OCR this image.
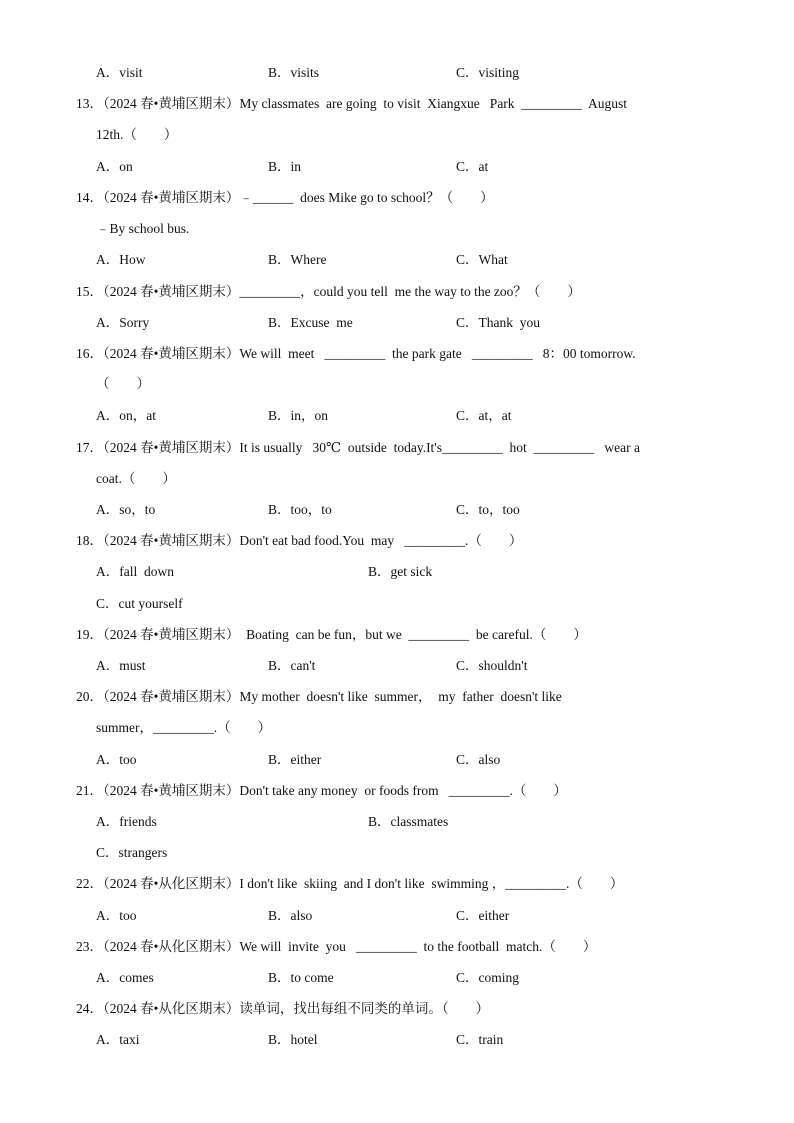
A．visit	B．visits	C．visiting
13．（2024 春•黄埔区期末）My classmates  are going  to visit  Xiangxue   Park  _________  August
12th.（        ）
A．on	B．in	C．at
14．（2024 春•黄埔区期末）﹣______  does Mike go to school？（        ）
﹣By school bus.
A．How	B．Where	C．What
15．（2024 春•黄埔区期末）_________，could you tell  me the way to the zoo？（        ）
A．Sorry	B．Excuse  me	C．Thank  you
16．（2024 春•黄埔区期末）We will  meet   _________  the park gate   _________   8：00 tomorrow.
（        ）
A．on，at	B．in，on	C．at，at
17．（2024 春•黄埔区期末）It is usually   30℃  outside  today.It's_________  hot  _________   wear a
coat.（        ）
A．so，to	B．too，to	C．to，too
18．（2024 春•黄埔区期末）Don't eat bad food.You  may   _________.（        ）
A．fall  down	B．get sick
C．cut yourself
19．（2024 春•黄埔区期末）  Boating  can be fun，but we  _________  be careful.（        ）
A．must	B．can't	C．shouldn't
20．（2024 春•黄埔区期末）My mother  doesn't like  summer，  my  father  doesn't like
summer，_________.（        ）
A．too	B．either	C．also
21．（2024 春•黄埔区期末）Don't take any money  or foods from   _________.（        ）
A．friends	B．classmates
C．strangers
22．（2024 春•从化区期末）I don't like  skiing  and I don't like  swimming ，_________.（        ）
A．too	B．also	C．either
23．（2024 春•从化区期末）We will  invite  you   _________  to the football  match.（        ）
A．comes	B．to come	C．coming
24．（2024 春•从化区期末）读单词，找出每组不同类的单词。（        ）
A．taxi	B．hotel	C．train
